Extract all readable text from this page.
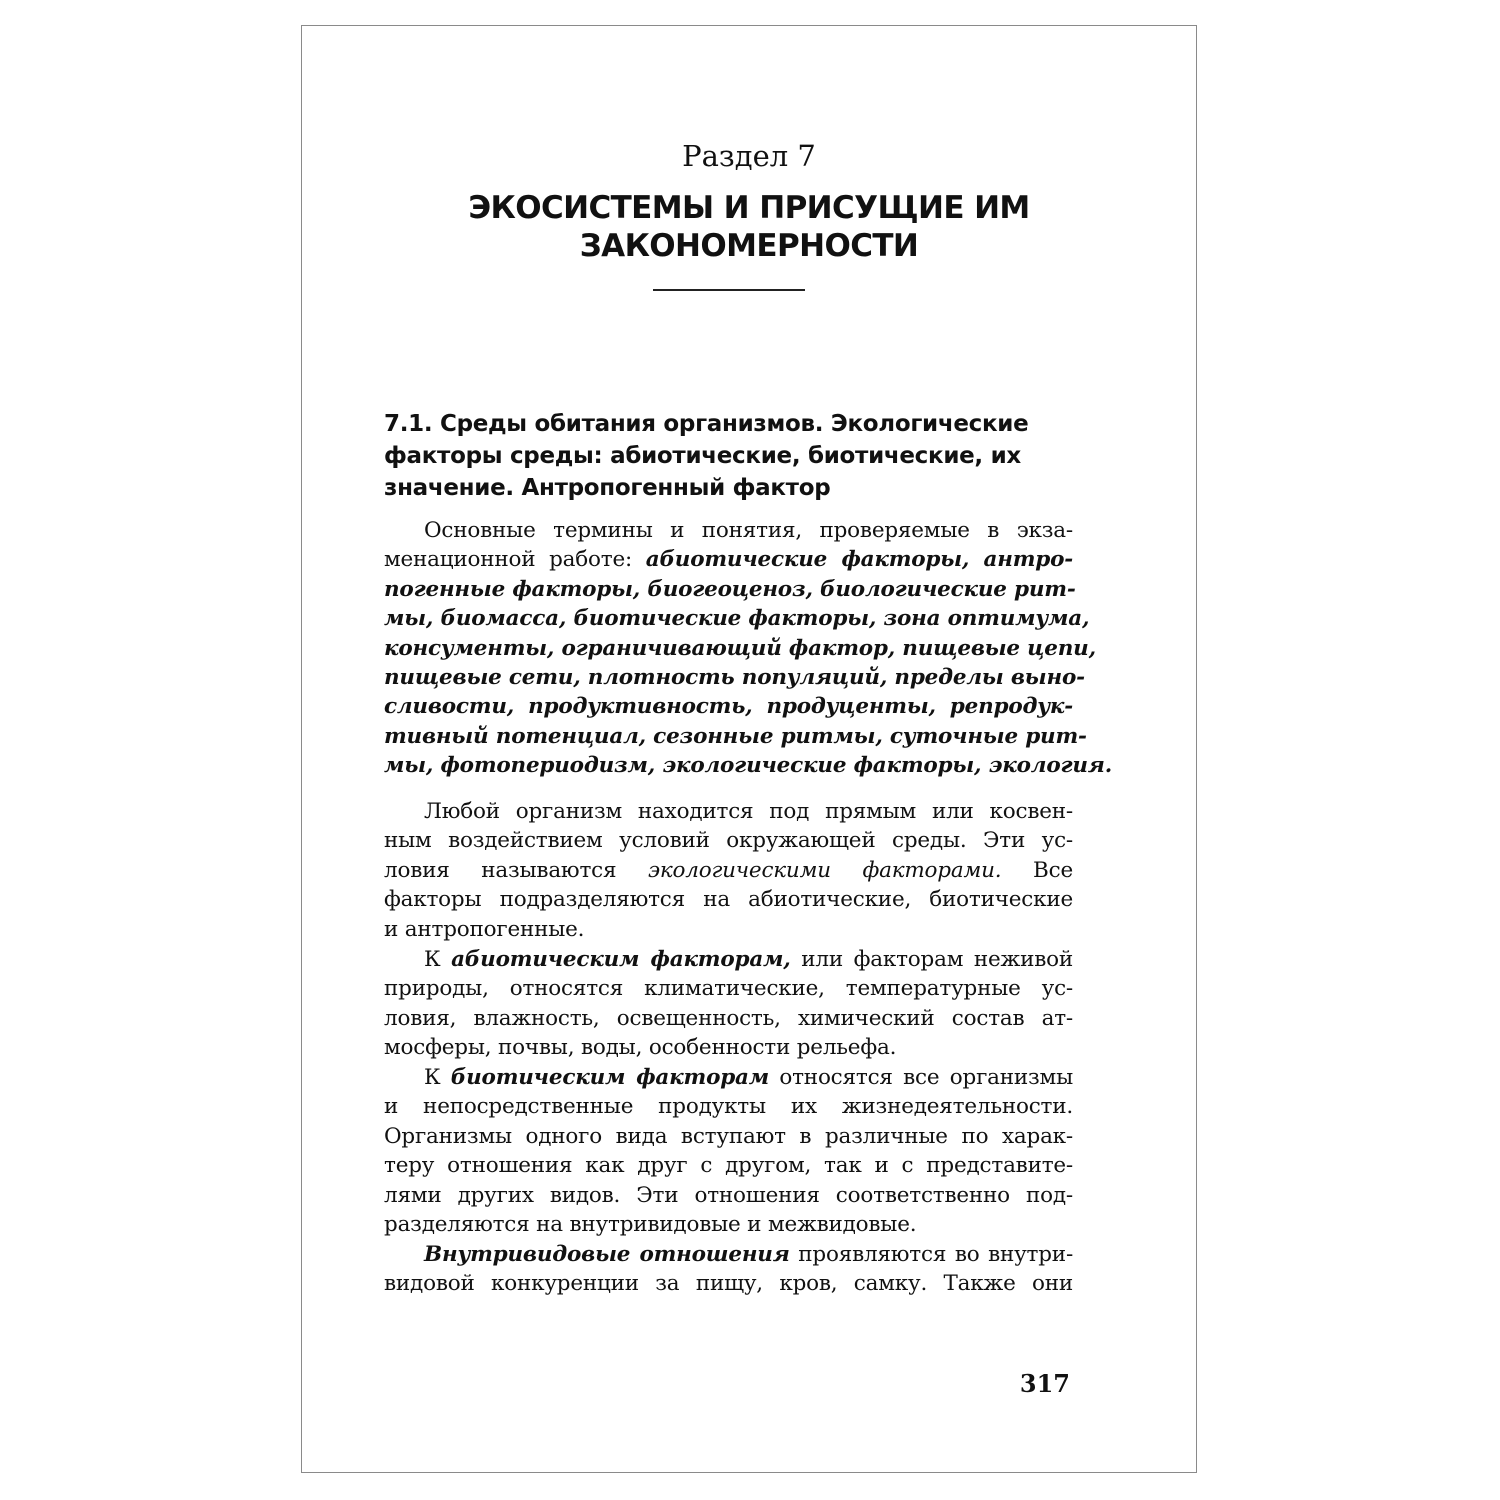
Раздел 7
ЭКОСИСТЕМЫ И ПРИСУЩИЕ ИМ
ЗАКОНОМЕРНОСТИ
7.1. Среды обитания организмов. Экологические
факторы среды: абиотические, биотические, их
значение. Антропогенный фактор
Основные термины и понятия, проверяемые в экза-
менационной работе: абиотические факторы, антро-
погенные факторы, биогеоценоз, биологические рит-
мы, биомасса, биотические факторы, зона оптимума,
консументы, ограничивающий фактор, пищевые цепи,
пищевые сети, плотность популяций, пределы выно-
сливости, продуктивность, продуценты, репродук-
тивный потенциал, сезонные ритмы, суточные рит-
мы, фотопериодизм, экологические факторы, экология.
Любой организм находится под прямым или косвен-
ным воздействием условий окружающей среды. Эти ус-
ловия называются экологическими факторами. Все
факторы подразделяются на абиотические, биотические
и антропогенные.
К абиотическим факторам, или факторам неживой
природы, относятся климатические, температурные ус-
ловия, влажность, освещенность, химический состав ат-
мосферы, почвы, воды, особенности рельефа.
К биотическим факторам относятся все организмы
и непосредственные продукты их жизнедеятельности.
Организмы одного вида вступают в различные по харак-
теру отношения как друг с другом, так и с представите-
лями других видов. Эти отношения соответственно под-
разделяются на внутривидовые и межвидовые.
Внутривидовые отношения проявляются во внутри-
видовой конкуренции за пищу, кров, самку. Также они
317
